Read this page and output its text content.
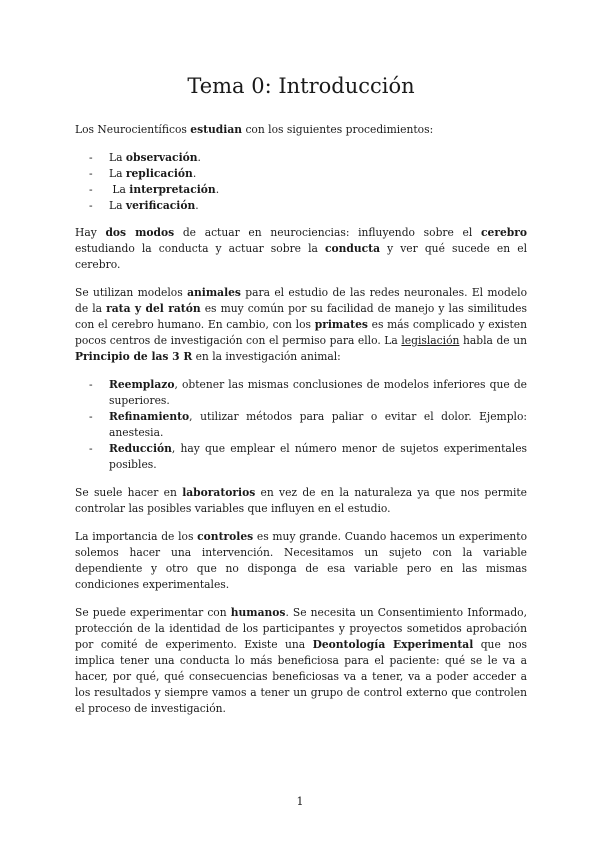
Tema 0: Introducción

Los Neurocientíficos estudian con los siguientes procedimientos:

- La observación.
- La replicación.
- La interpretación.
- La verificación.

Hay dos modos de actuar en neurociencias: influyendo sobre el cerebro estudiando la conducta y actuar sobre la conducta y ver qué sucede en el cerebro.

Se utilizan modelos animales para el estudio de las redes neuronales. El modelo de la rata y del ratón es muy común por su facilidad de manejo y las similitudes con el cerebro humano. En cambio, con los primates es más complicado y existen pocos centros de investigación con el permiso para ello. La legislación habla de un Principio de las 3 R en la investigación animal:

- Reemplazo, obtener las mismas conclusiones de modelos inferiores que de superiores.
- Refinamiento, utilizar métodos para paliar o evitar el dolor. Ejemplo: anestesia.
- Reducción, hay que emplear el número menor de sujetos experimentales posibles.

Se suele hacer en laboratorios en vez de en la naturaleza ya que nos permite controlar las posibles variables que influyen en el estudio.

La importancia de los controles es muy grande. Cuando hacemos un experimento solemos hacer una intervención. Necesitamos un sujeto con la variable dependiente y otro que no disponga de esa variable pero en las mismas condiciones experimentales.

Se puede experimentar con humanos. Se necesita un Consentimiento Informado, protección de la identidad de los participantes y proyectos sometidos aprobación por comité de experimento. Existe una Deontología Experimental que nos implica tener una conducta lo más beneficiosa para el paciente: qué se le va a hacer, por qué, qué consecuencias beneficiosas va a tener, va a poder acceder a los resultados y siempre vamos a tener un grupo de control externo que controlen el proceso de investigación.

1
